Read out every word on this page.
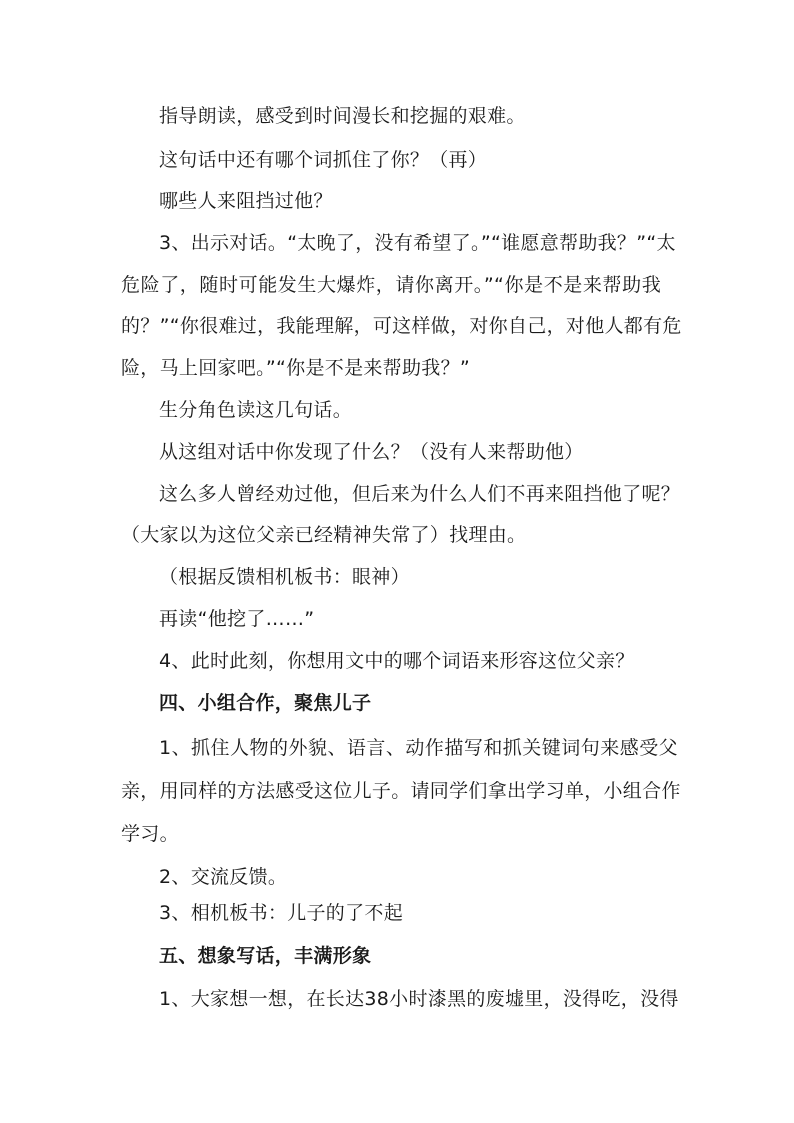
指导朗读，感受到时间漫长和挖掘的艰难。
这句话中还有哪个词抓住了你？（再）
哪些人来阻挡过他？
3、出示对话。“太晚了，没有希望了。”“谁愿意帮助我？”“太
危险了，随时可能发生大爆炸，请你离开。”“你是不是来帮助我
的？”“你很难过，我能理解，可这样做，对你自己，对他人都有危
险，马上回家吧。”“你是不是来帮助我？”
生分角色读这几句话。
从这组对话中你发现了什么？（没有人来帮助他）
这么多人曾经劝过他，但后来为什么人们不再来阻挡他了呢？
（大家以为这位父亲已经精神失常了）找理由。
（根据反馈相机板书：眼神）
再读“他挖了……”
4、此时此刻，你想用文中的哪个词语来形容这位父亲？
四、小组合作，聚焦儿子
1、抓住人物的外貌、语言、动作描写和抓关键词句来感受父
亲，用同样的方法感受这位儿子。请同学们拿出学习单，小组合作
学习。
2、交流反馈。
3、相机板书：儿子的了不起
五、想象写话，丰满形象
1、大家想一想，在长达38小时漆黑的废墟里，没得吃，没得
